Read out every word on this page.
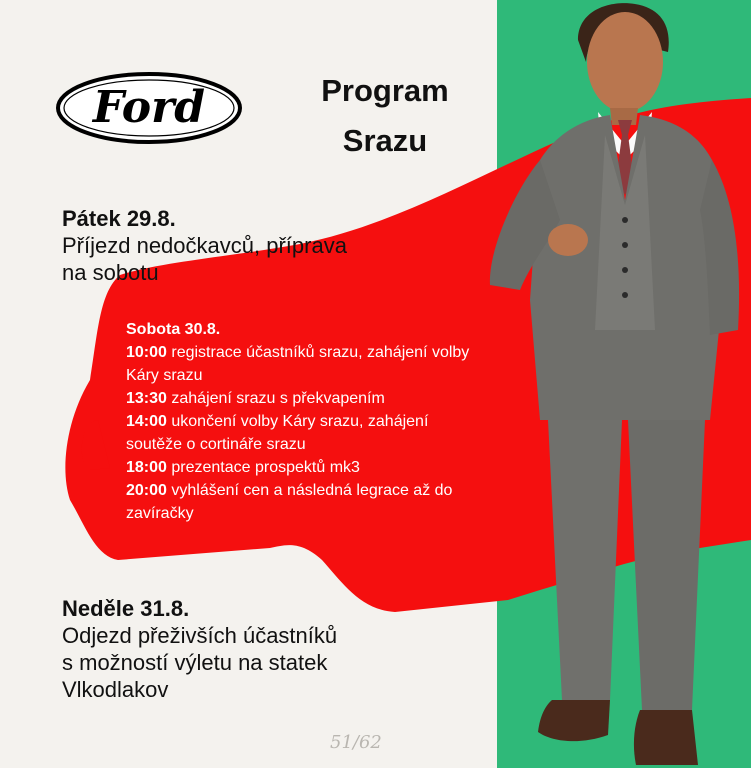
Ford	Program
Srazu
Pátek 29.8.
Příjezd nedočkavců, příprava
na sobotu
Sobota 30.8.
10:00 registrace účastníků srazu, zahájení volby
Káry srazu
13:30 zahájení srazu s překvapením
14:00 ukončení volby Káry srazu, zahájení
soutěže o cortináře srazu
18:00 prezentace prospektů mk3
20:00 vyhlášení cen a následná legrace až do
zavíračky
Neděle 31.8.
Odjezd přeživších účastníků
s možností výletu na statek
Vlkodlakov
51/62
